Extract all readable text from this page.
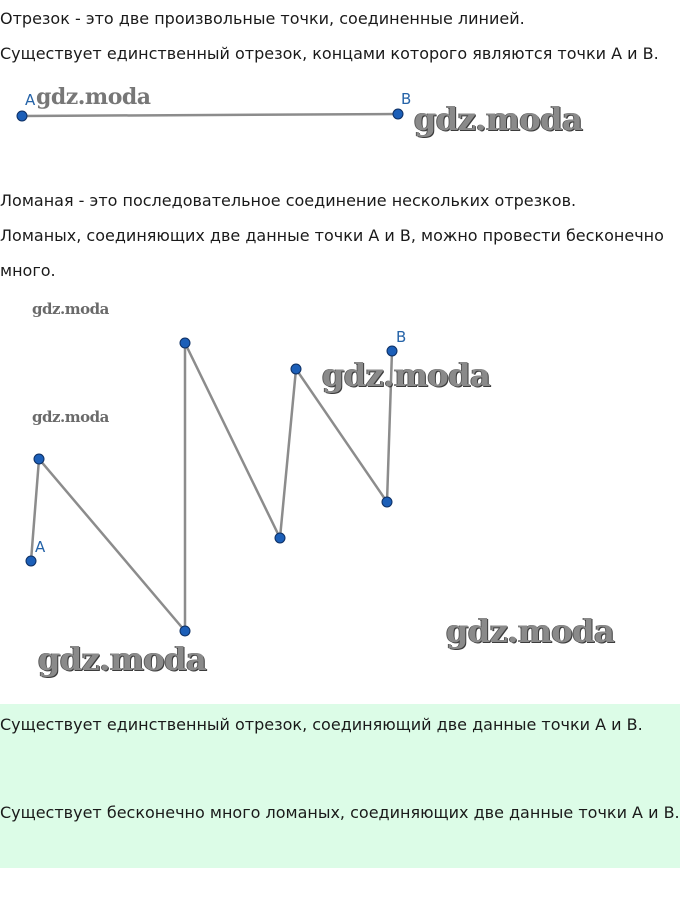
Отрезок - это две произвольные точки, соединенные линией.

Существует единственный отрезок, концами которого являются точки А и В.

A	B
gdz.moda
gdz.moda

Ломаная - это последовательное соединение нескольких отрезков.

Ломаных, соединяющих две данные точки А и В, можно провести бесконечно много.

A
B
gdz.moda
gdz.moda
gdz.moda
gdz.moda
gdz.moda

Существует единственный отрезок, соединяющий две данные точки А и В.

Существует бесконечно много ломаных, соединяющих две данные точки А и В.
